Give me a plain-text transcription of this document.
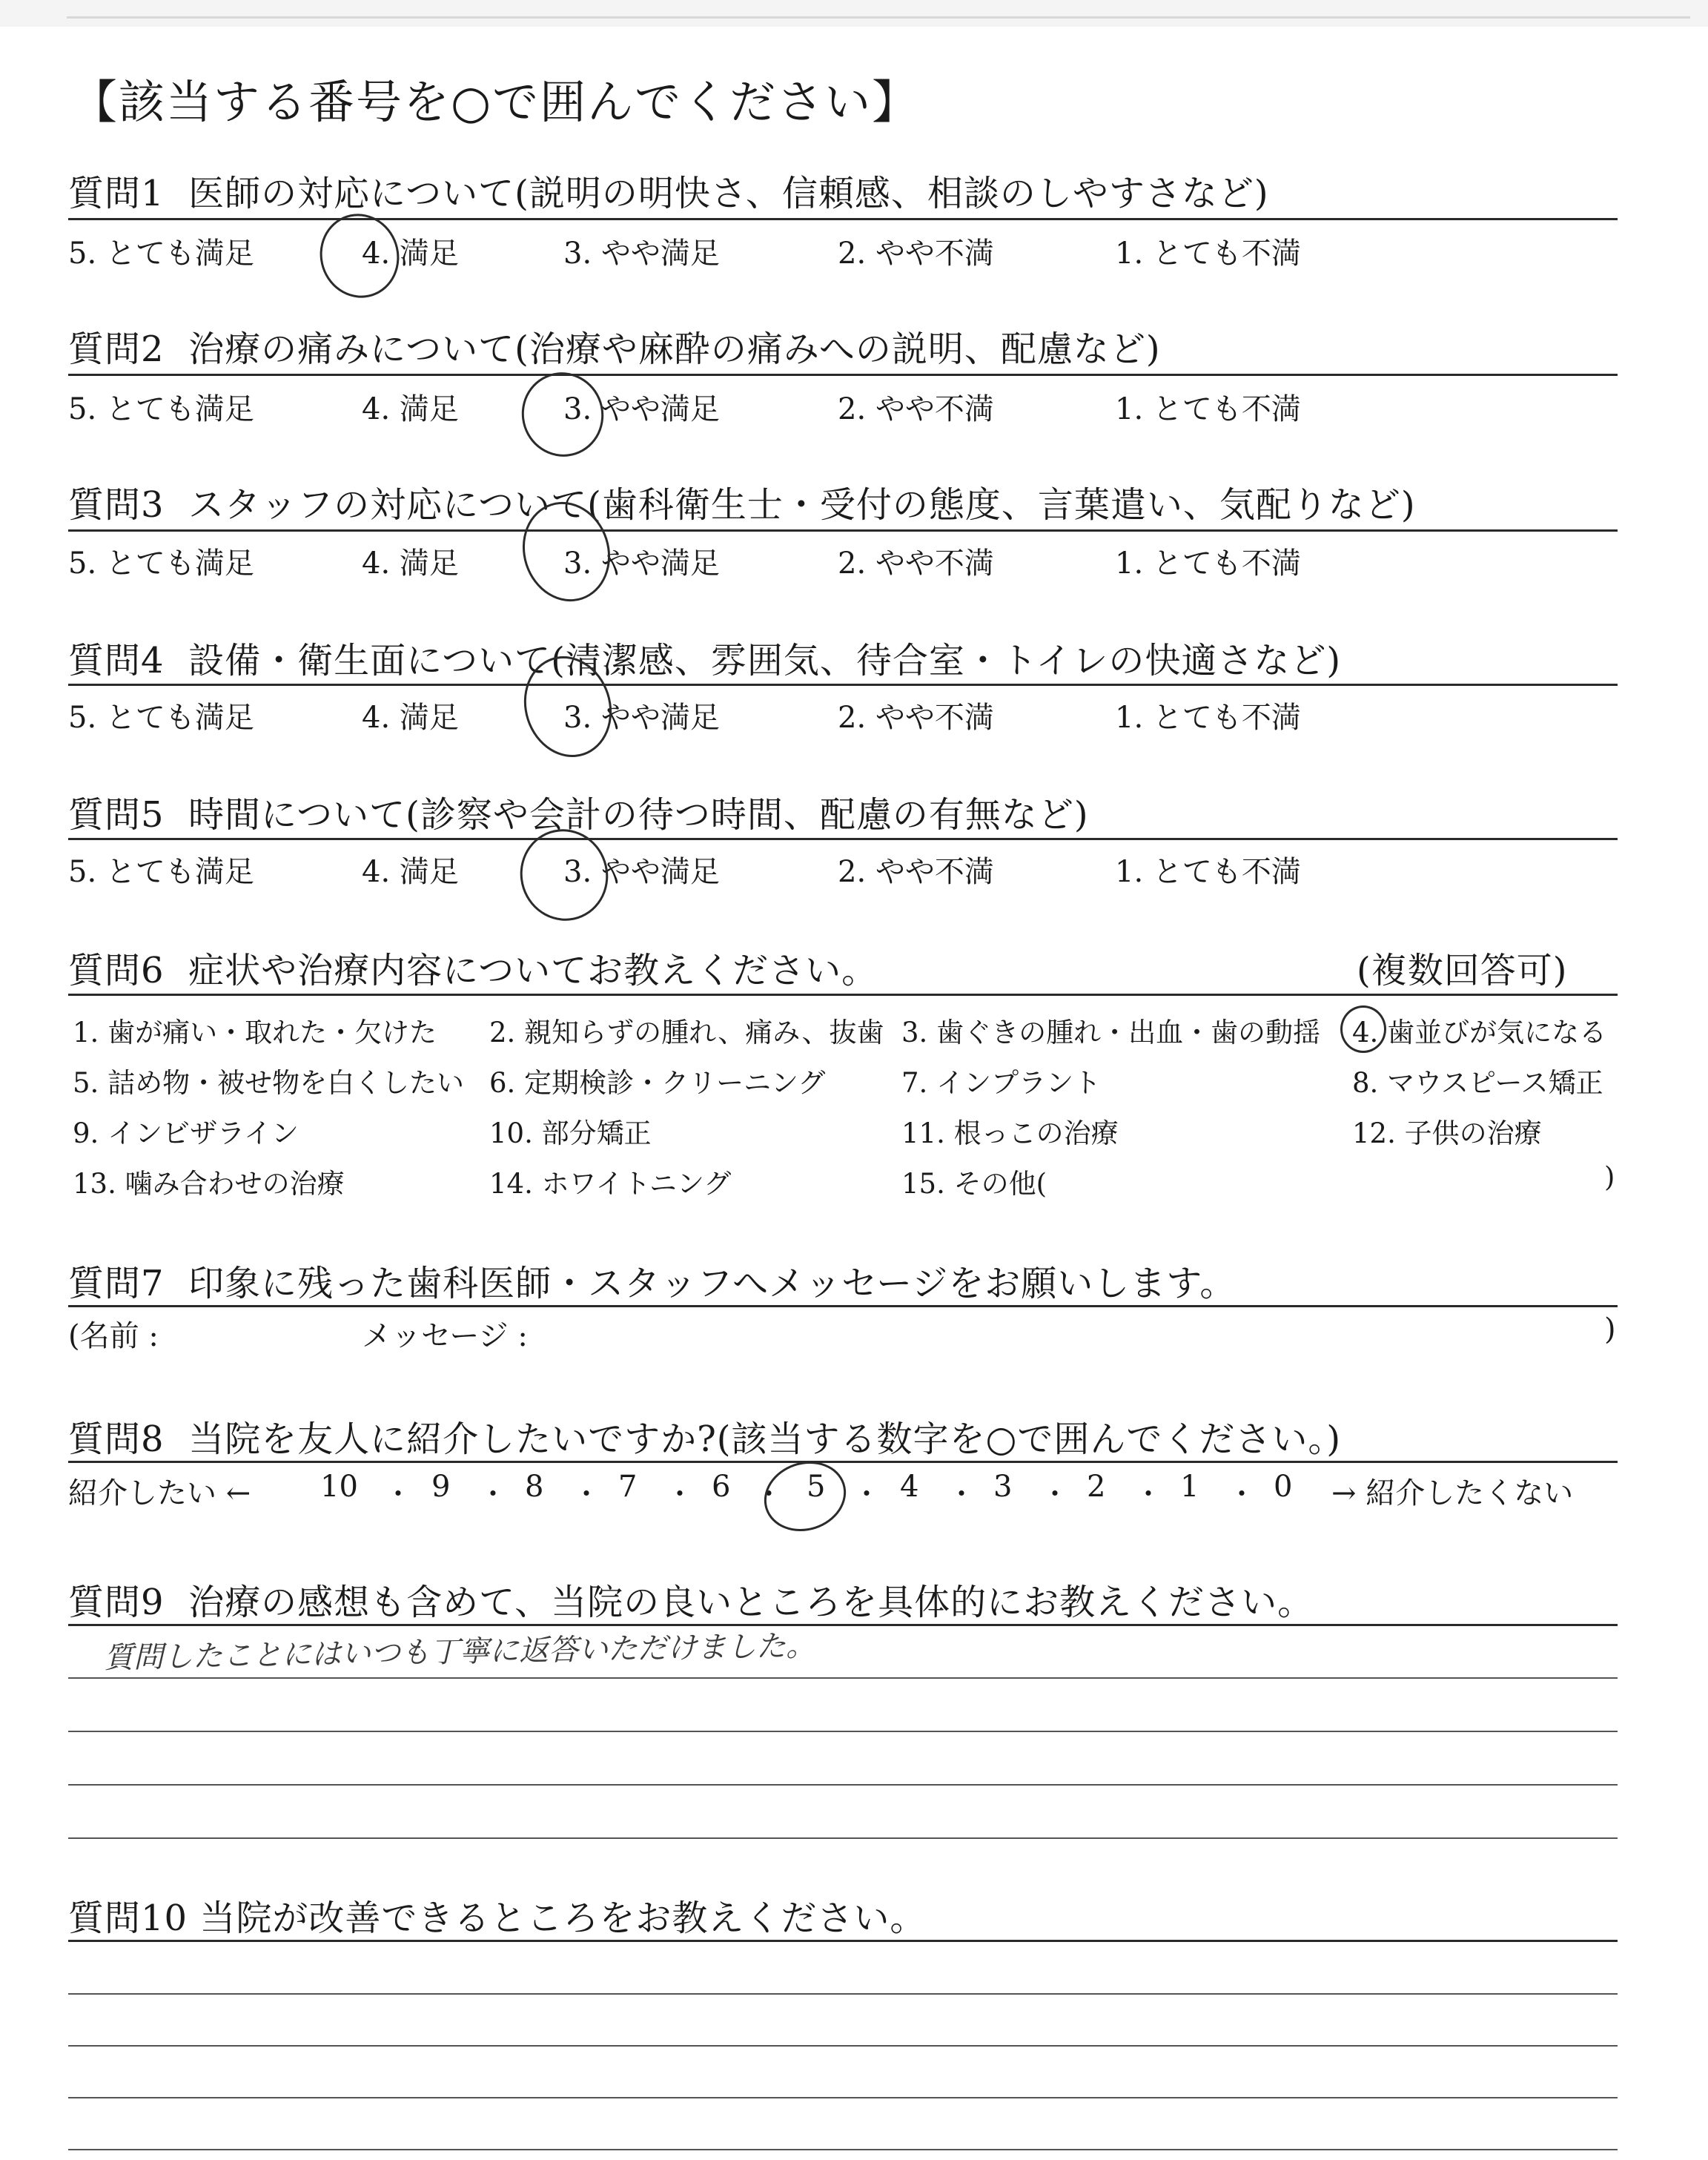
【該当する番号を○で囲んでください】
質問1 医師の対応について(説明の明快さ、信頼感、相談のしやすさなど)
5. とても満足	4. 満足	3. やや満足	2. やや不満	1. とても不満
質問2 治療の痛みについて(治療や麻酔の痛みへの説明、配慮など)
5. とても満足	4. 満足	3. やや満足	2. やや不満	1. とても不満
質問3 スタッフの対応について(歯科衛生士・受付の態度、言葉遣い、気配りなど)
5. とても満足	4. 満足	3. やや満足	2. やや不満	1. とても不満
質問4 設備・衛生面について(清潔感、雰囲気、待合室・トイレの快適さなど)
5. とても満足	4. 満足	3. やや満足	2. やや不満	1. とても不満
質問5 時間について(診察や会計の待つ時間、配慮の有無など)
5. とても満足	4. 満足	3. やや満足	2. やや不満	1. とても不満
質問6 症状や治療内容についてお教えください。	(複数回答可)
1. 歯が痛い・取れた・欠けた 2. 親知らずの腫れ、痛み、抜歯 3. 歯ぐきの腫れ・出血・歯の動揺 4. 歯並びが気になる
5. 詰め物・被せ物を白くしたい 6. 定期検診・クリーニング	7. インプラント	8. マウスピース矯正
9. インビザライン	10. 部分矯正	11. 根っこの治療	12. 子供の治療
13. 噛み合わせの治療	14. ホワイトニング	15. その他(	)
質問7 印象に残った歯科医師・スタッフへメッセージをお願いします。
(名前 :	メッセージ :	)
質問8 当院を友人に紹介したいですか?(該当する数字を○で囲んでください。)
紹介したい ← 10 ・ 9 ・ 8 ・ 7 ・ 6 ・ 5 ・ 4 ・ 3 ・ 2 ・ 1 ・ 0 → 紹介したくない
質問9 治療の感想も含めて、当院の良いところを具体的にお教えください。
質問したことにはいつも丁寧に返答いただけました。
質問10 当院が改善できるところをお教えください。
